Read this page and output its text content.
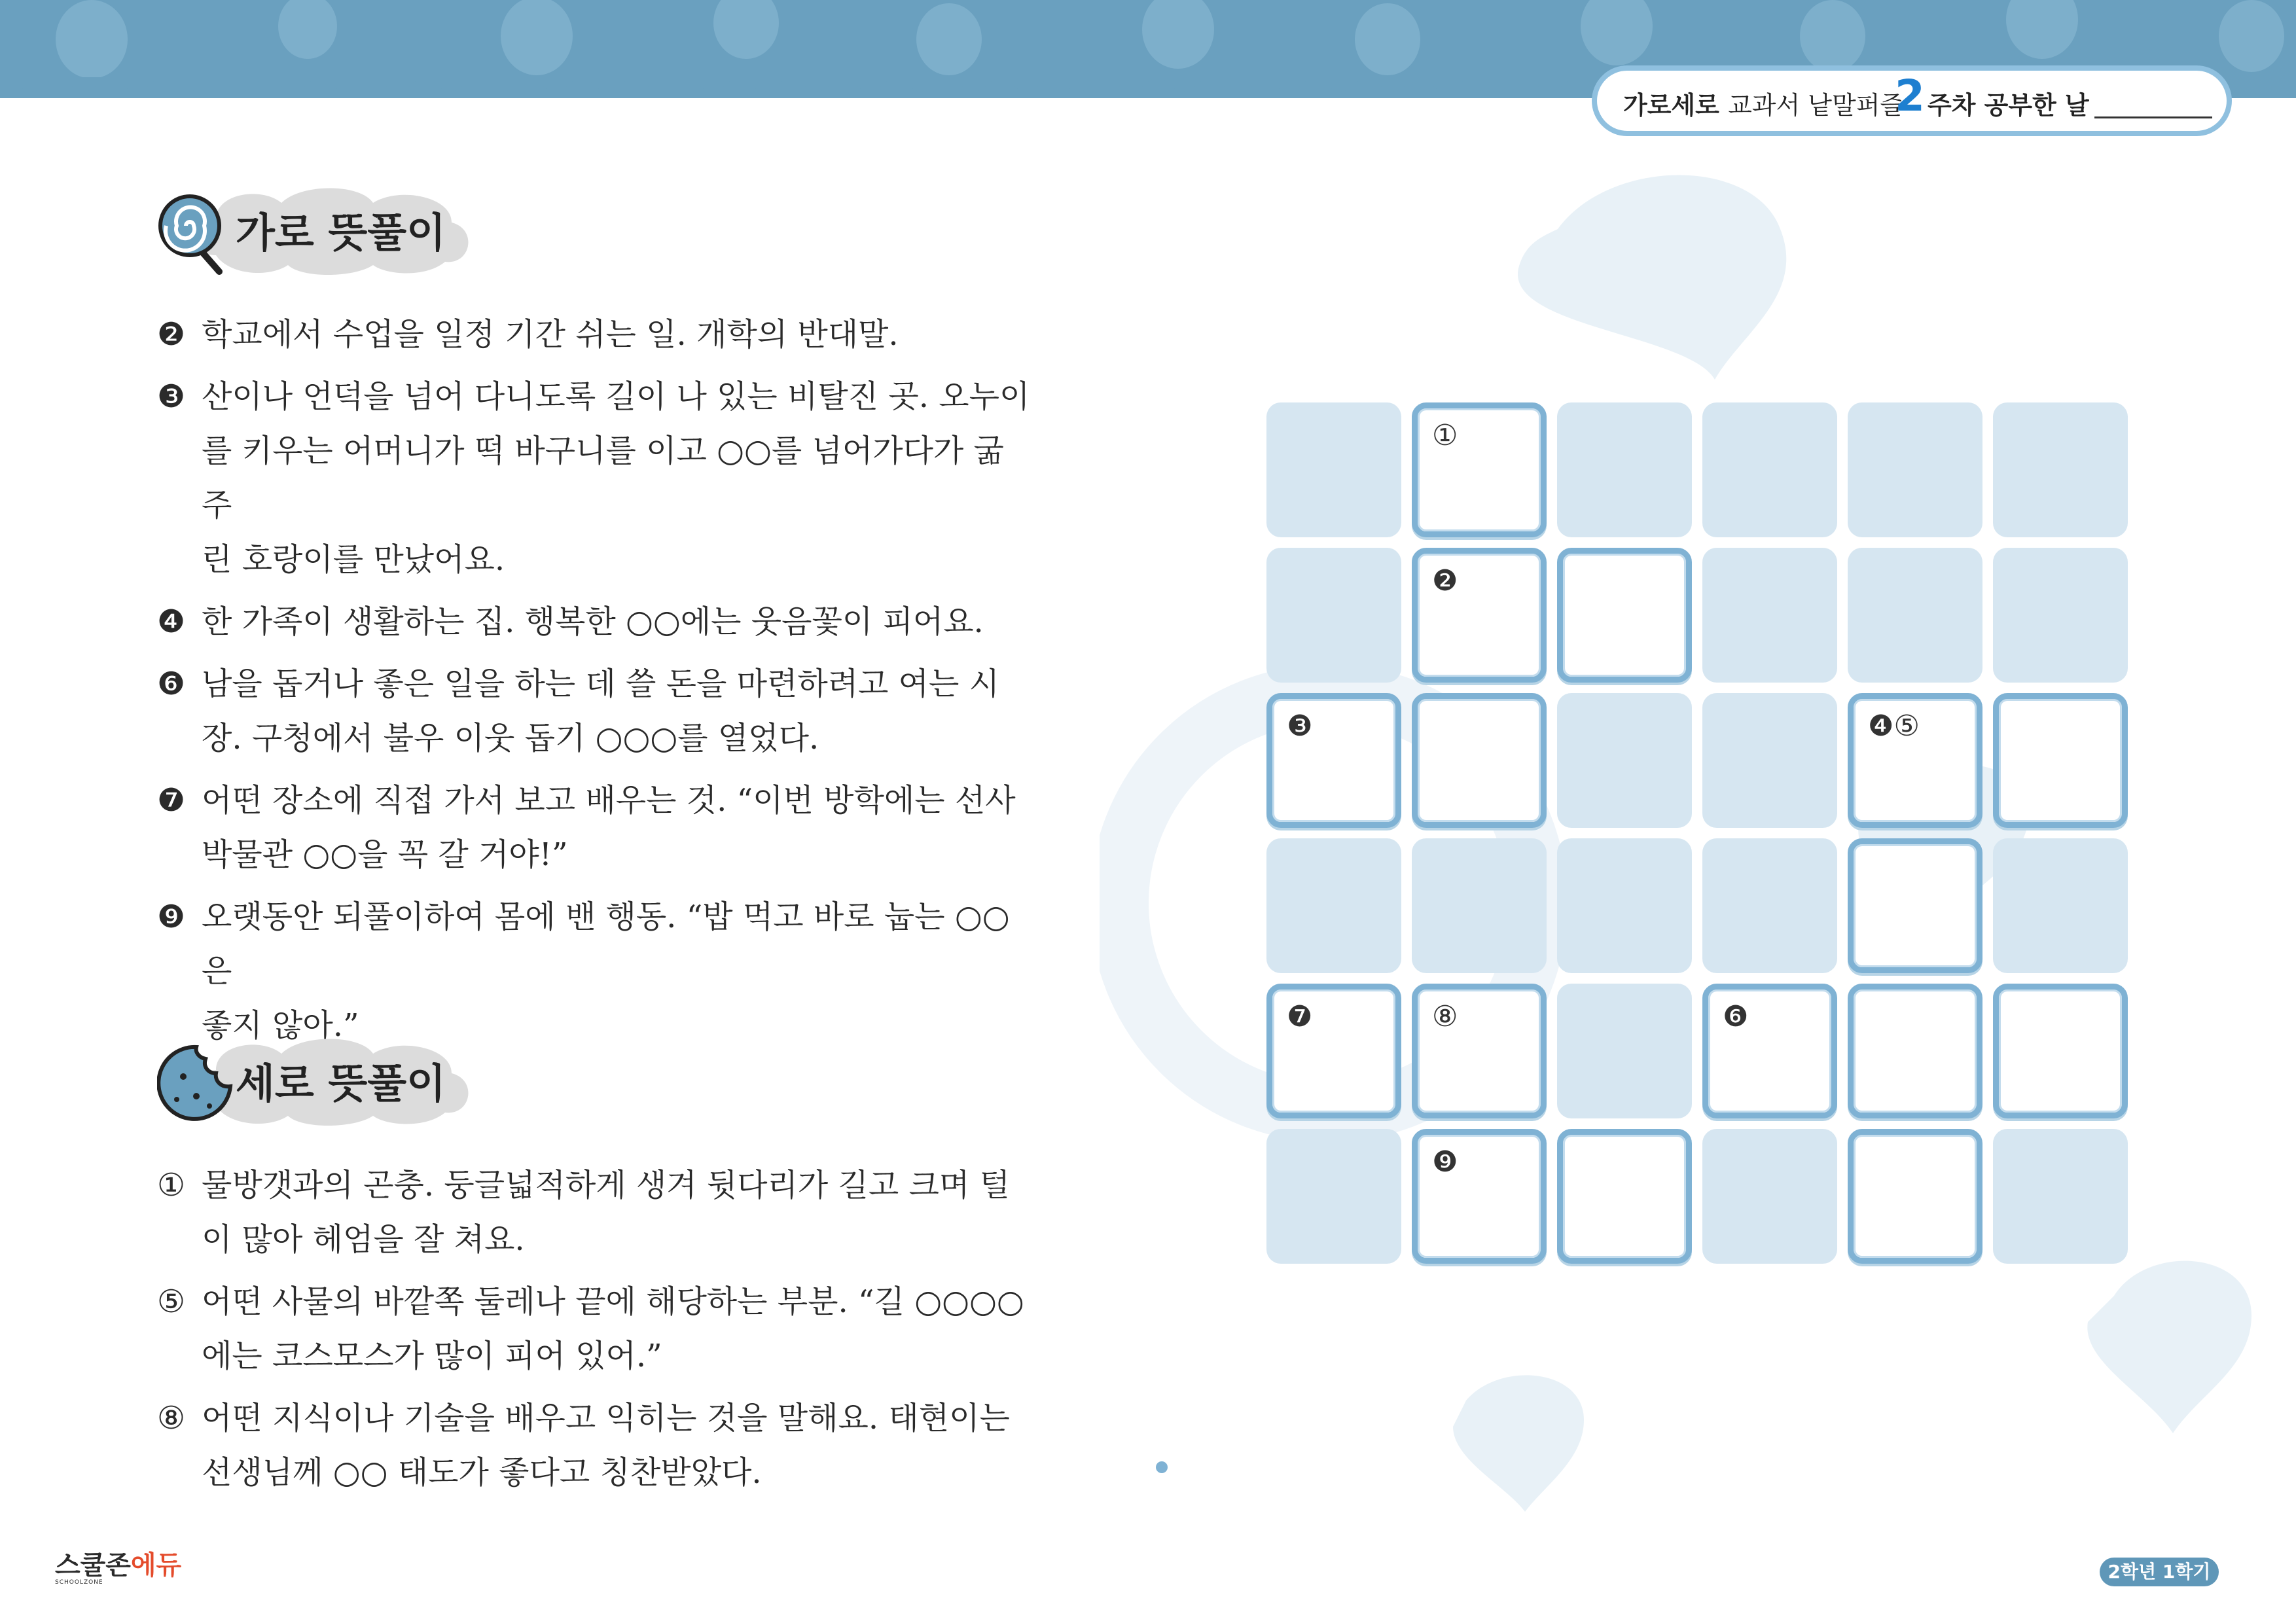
가로세로 교과서 낱말퍼즐
2 주차 공부한 날
가로 뜻풀이
❷ 학교에서 수업을 일정 기간 쉬는 일. 개학의 반대말.
❸ 산이나 언덕을 넘어 다니도록 길이 나 있는 비탈진 곳. 오누이
를 키우는 어머니가 떡 바구니를 이고 ○○를 넘어가다가 굶주
린 호랑이를 만났어요.
❹ 한 가족이 생활하는 집. 행복한 ○○에는 웃음꽃이 피어요.
❻ 남을 돕거나 좋은 일을 하는 데 쓸 돈을 마련하려고 여는 시
장. 구청에서 불우 이웃 돕기 ○○○를 열었다.
❼ 어떤 장소에 직접 가서 보고 배우는 것. “이번 방학에는 선사
박물관 ○○을 꼭 갈 거야!”
❾ 오랫동안 되풀이하여 몸에 밴 행동. “밥 먹고 바로 눕는 ○○은
좋지 않아.”
세로 뜻풀이
① 물방갯과의 곤충. 둥글넓적하게 생겨 뒷다리가 길고 크며 털
이 많아 헤엄을 잘 쳐요.
⑤ 어떤 사물의 바깥쪽 둘레나 끝에 해당하는 부분. “길 ○○○○
에는 코스모스가 많이 피어 있어.”
⑧ 어떤 지식이나 기술을 배우고 익히는 것을 말해요. 태현이는
선생님께 ○○ 태도가 좋다고 칭찬받았다.
①
❷
❸	❹⑤
❼	⑧	❻
❾
스쿨존에듀
SCHOOLZONE	2학년 1학기
